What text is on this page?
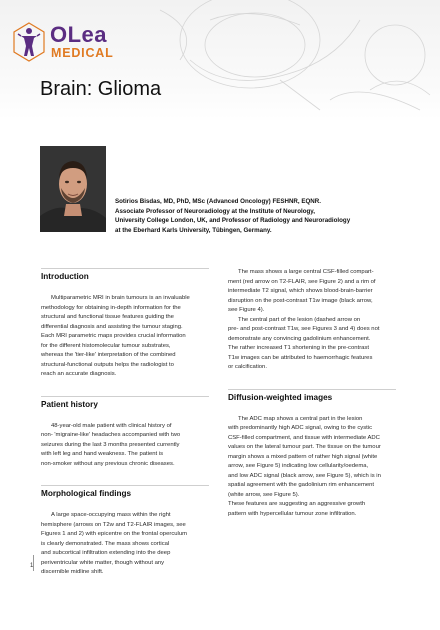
OLea
MEDICAL
Brain: Glioma
Sotirios Bisdas, MD, PhD, MSc (Advanced Oncology) FESHNR, EQNR.
Associate Professor of Neuroradiology at the Institute of Neurology,
University College London, UK, and Professor of Radiology and Neuroradiology
at the Eberhard Karls University, Tübingen, Germany.
Introduction
Multiparametric MRI in brain tumours is an invaluable
methodology for obtaining in-depth information for the
structural and functional tissue features guiding the
differential diagnosis and assisting the tumour staging.
Each MRI parametric maps provides crucial information
for the different histomolecular tumour substrates,
whereas the 'tier-like' interpretation of the combined
structural-functional outputs helps the radiologist to
reach an accurate diagnosis.
Patient history
48-year-old male patient with clinical history of
non- 'migraine-like' headaches accompanied with two
seizures during the last 3 months presented currently
with left leg and hand weakness. The patient is
non-smoker without any previous chronic diseases.
Morphological findings
A large space-occupying mass within the right
hemisphere (arrows on T2w and T2-FLAIR images, see
Figures 1 and 2) with epicentre on the frontal operculum
is clearly demonstrated. The mass shows cortical
and subcortical infiltration extending into the deep
periventricular white matter, though without any
discernible midline shift.
The mass shows a large central CSF-filled compart-
ment (red arrow on T2-FLAIR, see Figure 2) and a rim of
intermediate T2 signal, which shows blood-brain-barrier
disruption on the post-contrast T1w image (black arrow,
see Figure 4).
The central part of the lesion (dashed arrow on
pre- and post-contrast T1w, see Figures 3 and 4) does not
demonstrate any convincing gadolinium enhancement.
The rather increased T1 shortening in the pre-contrast
T1w images can be attributed to haemorrhagic features
or calcification.
Diffusion-weighted images
The ADC map shows a central part in the lesion
with predominantly high ADC signal, owing to the cystic
CSF-filled compartment, and tissue with intermediate ADC
values on the lateral tumour part. The tissue on the tumour
margin shows a mixed pattern of rather high signal (white
arrow, see Figure 5) indicating low cellularity/oedema,
and low ADC signal (black arrow, see Figure 5), which is in
spatial agreement with the gadolinium rim enhancement
(white arrow, see Figure 5).
These features are suggesting an aggressive growth
pattern with hypercellular tumour zone infiltration.
1
